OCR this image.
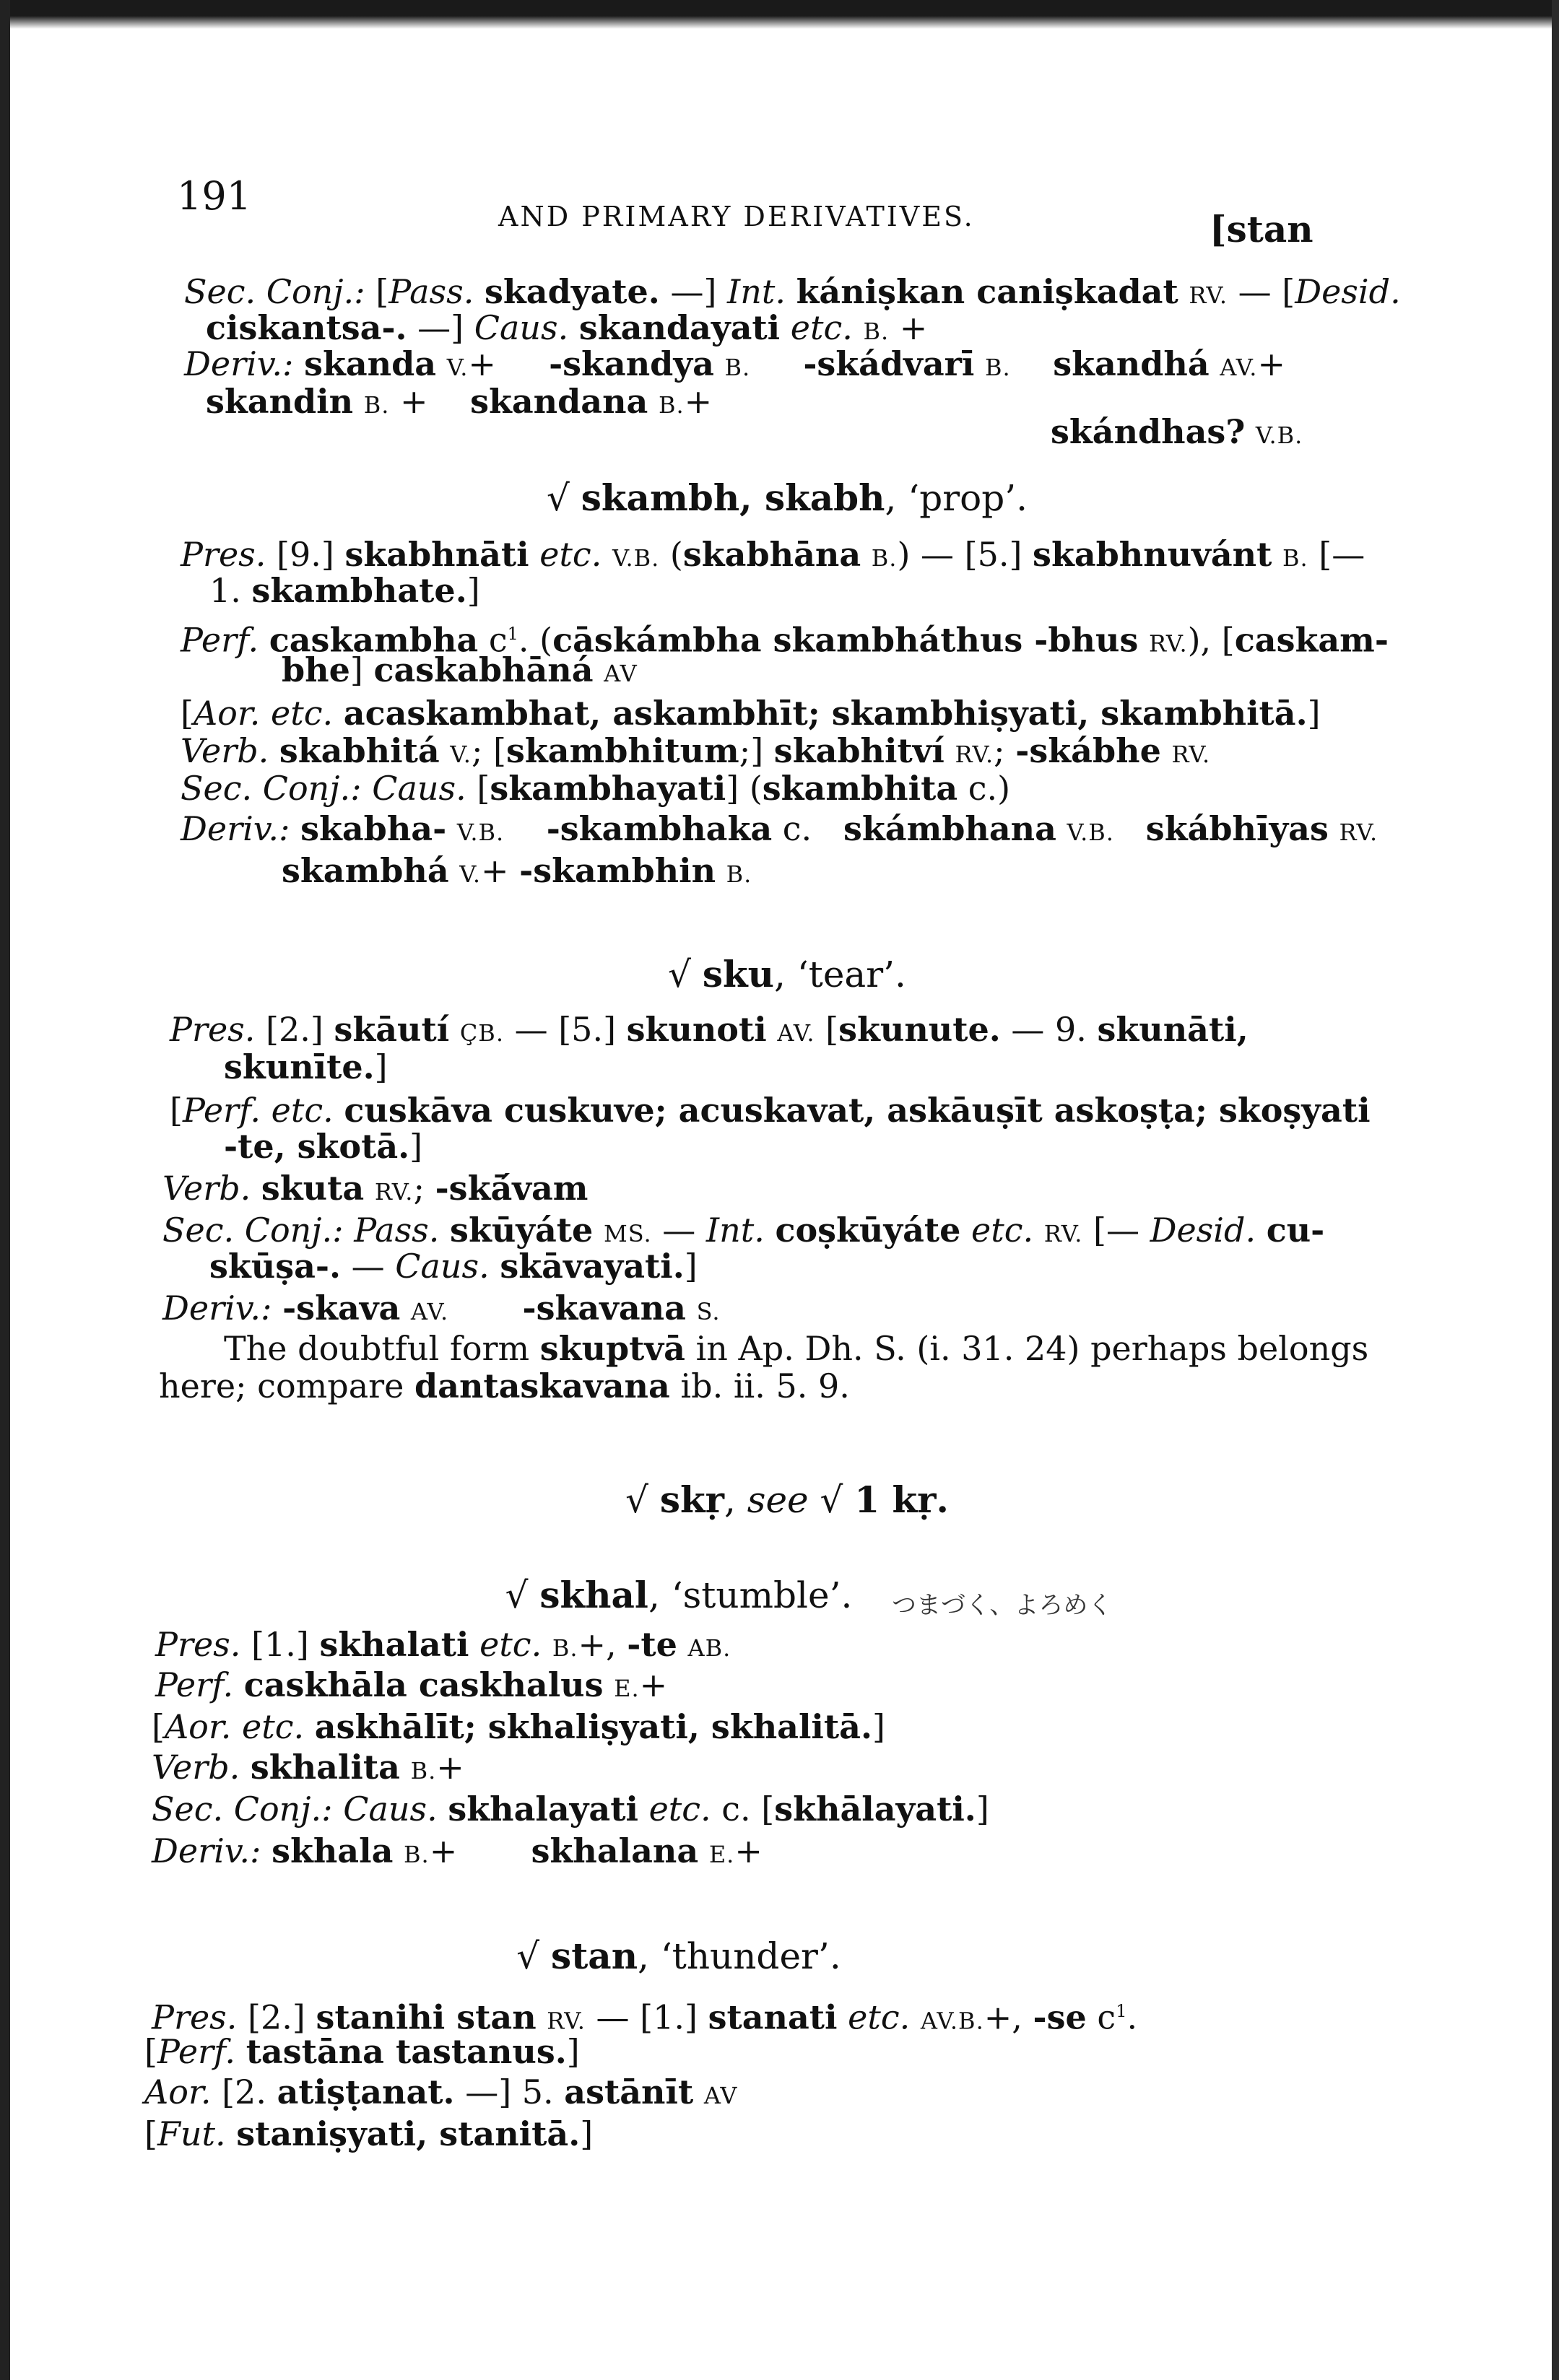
191	AND PRIMARY DERIVATIVES.	[stan
Sec. Conj.: [Pass. skadyate. —] Int. kániṣkan caniṣkadat RV. — [Desid.
ciskantsa-. —] Caus. skandayati etc. B. +
Deriv.: skanda V.+     -skandya B. -skádvarī B. skandhá AV.+
skandin B. +    skandana B.+
skándhas? V.B.
√ skambh, skabh, ‘prop’.
Pres. [9.] skabhnāti etc. V.B. (skabhāna B.) — [5.] skabhnuvánt B. [—
1. skambhate.]
Perf. caskambha $c^1$. (cāskámbha skambháthus -bhus RV.), [caskam-
bhe] caskabhāná AV
[Aor. etc. acaskambhat, askambhīt; skambhiṣyati, skambhitā.]
Verb. skabhitá V.; [skambhitum;] skabhitví RV.; -skábhe RV.
Sec. Conj.: Caus. [skambhayati] (skambhita c.)
Deriv.: skabha- V.B. -skambhaka c.   skámbhana V.B. skábhīyas RV.
skambhá V.+ -skambhin B.
√ sku, ‘tear’.
Pres. [2.] skāutí ÇB. — [5.] skunoti AV. [skunute. — 9. skunāti,
skunīte.]
[Perf. etc. cuskāva cuskuve; acuskavat, askāuṣīt askoṣṭa; skoṣyati
-te, skotā.]
Verb. skuta RV.; -skā́vam
Sec. Conj.: Pass. skūyáte MS. — Int. coṣkūyáte etc. RV. [— Desid. cu-
skūṣa-. — Caus. skāvayati.]
Deriv.: -skava AV. -skavana S.
The doubtful form skuptvā in Ap. Dh. S. (i. 31. 24) perhaps belongs
here; compare dantaskavana ib. ii. 5. 9.
√ skṛ, see √ 1 kṛ.
√ skhal, ‘stumble’.	つまづく、よろめく
Pres. [1.] skhalati etc. B.+, -te AB.
Perf. caskhāla caskhalus E.+
[Aor. etc. askhālīt; skhaliṣyati, skhalitā.]
Verb. skhalita B.+
Sec. Conj.: Caus. skhalayati etc. c. [skhālayati.]
Deriv.: skhala B.+       skhalana E.+
√ stan, ‘thunder’.
Pres. [2.] stanihi stan RV. — [1.] stanati etc. AV.B.+, -se $c^1$.
[Perf. tastāna tastanus.]
Aor. [2. atiṣṭanat. —] 5. astānīt AV
[Fut. staniṣyati, stanitā.]
